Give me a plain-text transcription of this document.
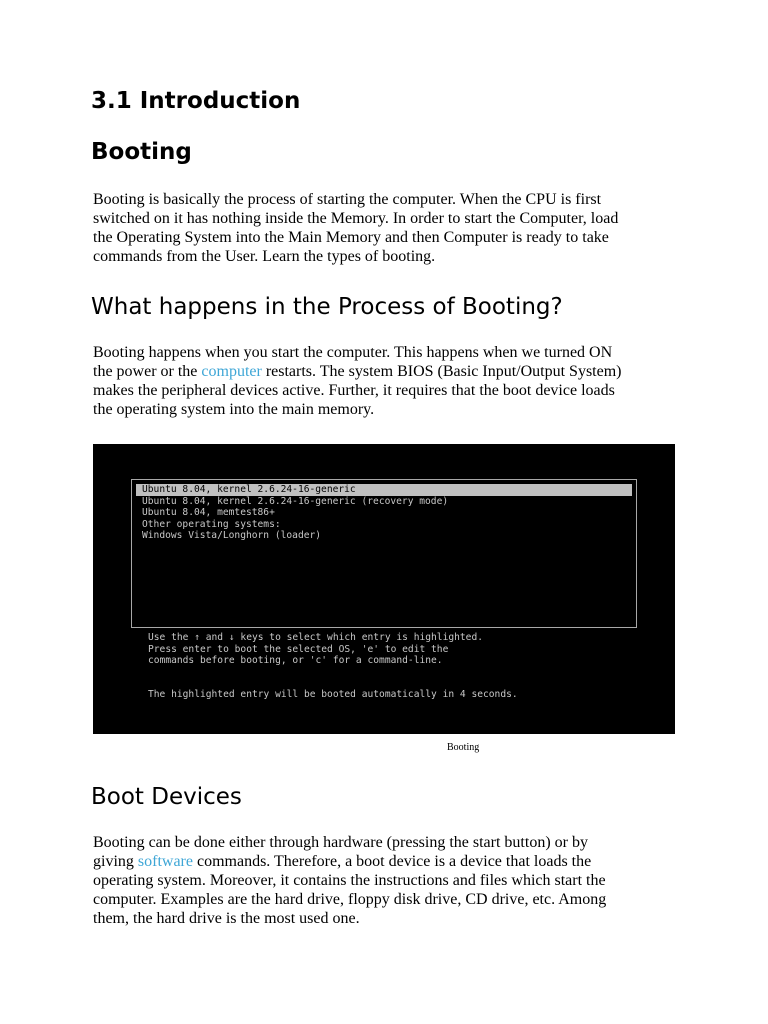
3.1 Introduction
Booting

Booting is basically the process of starting the computer. When the CPU is first
switched on it has nothing inside the Memory. In order to start the Computer, load
the Operating System into the Main Memory and then Computer is ready to take
commands from the User. Learn the types of booting.

What happens in the Process of Booting?

Booting happens when you start the computer. This happens when we turned ON
the power or the computer restarts. The system BIOS (Basic Input/Output System)
makes the peripheral devices active. Further, it requires that the boot device loads
the operating system into the main memory.

Ubuntu 8.04, kernel 2.6.24-16-generic
Ubuntu 8.04, kernel 2.6.24-16-generic (recovery mode)
Ubuntu 8.04, memtest86+
Other operating systems:
Windows Vista/Longhorn (loader)
Use the ↑ and ↓ keys to select which entry is highlighted.
Press enter to boot the selected OS, 'e' to edit the
commands before booting, or 'c' for a command-line.
The highlighted entry will be booted automatically in 4 seconds.
Booting
Boot Devices

Booting can be done either through hardware (pressing the start button) or by
giving software commands. Therefore, a boot device is a device that loads the
operating system. Moreover, it contains the instructions and files which start the
computer. Examples are the hard drive, floppy disk drive, CD drive, etc. Among
them, the hard drive is the most used one.
